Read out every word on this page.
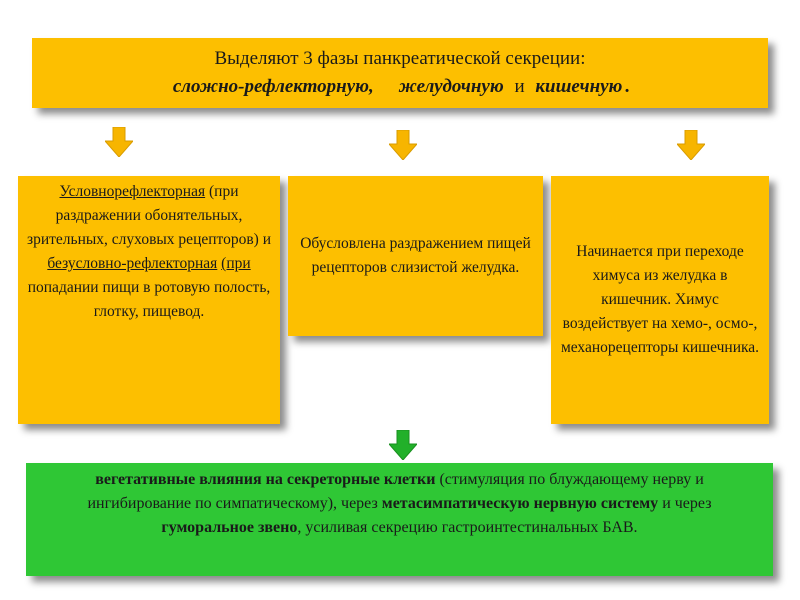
Выделяют 3 фазы панкреатической секреции:
сложно-рефлекторную, желудочную и кишечную .
Условнорефлекторная (при раздражении обонятельных, зрительных, слуховых рецепторов) и безусловно-рефлекторная (при попадании пищи в ротовую полость, глотку, пищевод.
Обусловлена раздражением пищей рецепторов слизистой желудка.
Начинается при переходе химуса из желудка в кишечник. Химус воздействует на хемо-, осмо-, механорецепторы кишечника.
вегетативные влияния на секреторные клетки (стимуляция по блуждающему нерву и ингибирование по симпатическому), через метасимпатическую нервную систему и через гуморальное звено, усиливая секрецию гастроинтестинальных БАВ.
